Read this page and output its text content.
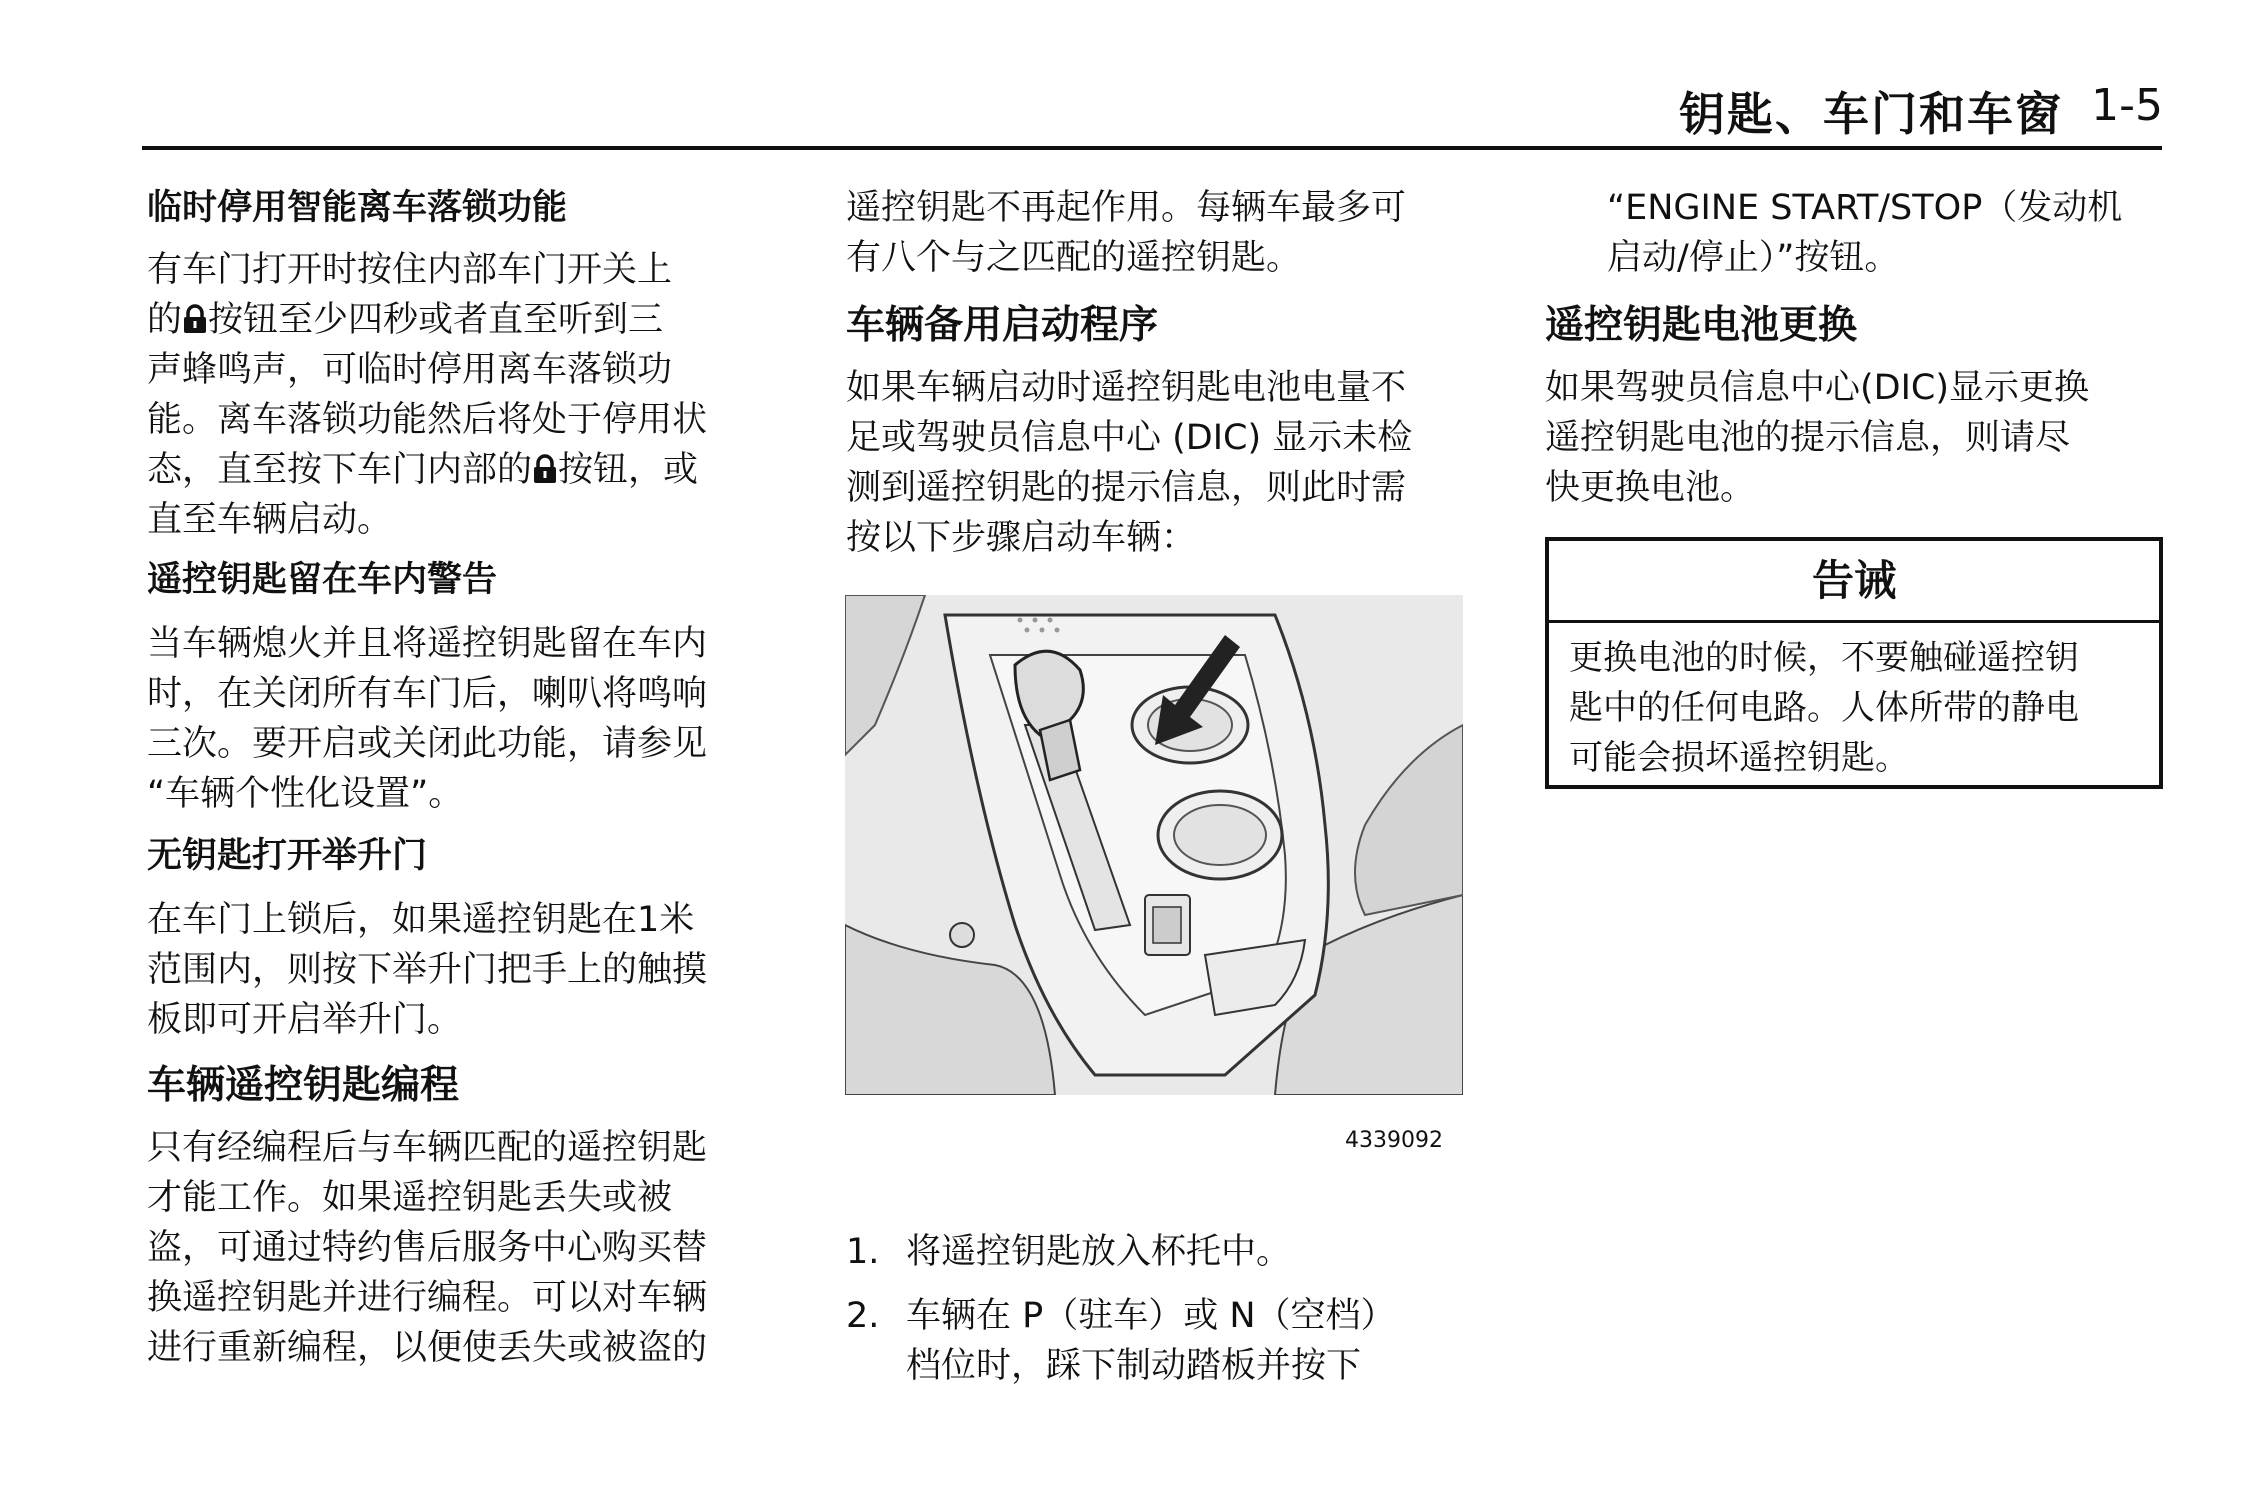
钥匙、车门和车窗 1-5

临时停用智能离车落锁功能

有车门打开时按住内部车门开关上
的 按钮至少四秒或者直至听到三
声蜂鸣声，可临时停用离车落锁功
能。离车落锁功能然后将处于停用状
态，直至按下车门内部的 按钮，或
直至车辆启动。

遥控钥匙留在车内警告

当车辆熄火并且将遥控钥匙留在车内
时，在关闭所有车门后，喇叭将鸣响
三次。要开启或关闭此功能，请参见
“车辆个性化设置”。

无钥匙打开举升门

在车门上锁后，如果遥控钥匙在1米
范围内，则按下举升门把手上的触摸
板即可开启举升门。

车辆遥控钥匙编程

只有经编程后与车辆匹配的遥控钥匙
才能工作。如果遥控钥匙丢失或被
盗，可通过特约售后服务中心购买替
换遥控钥匙并进行编程。可以对车辆
进行重新编程，以便使丢失或被盗的

遥控钥匙不再起作用。每辆车最多可
有八个与之匹配的遥控钥匙。

车辆备用启动程序

如果车辆启动时遥控钥匙电池电量不
足或驾驶员信息中心 (DIC) 显示未检
测到遥控钥匙的提示信息，则此时需
按以下步骤启动车辆：

4339092
1. 将遥控钥匙放入杯托中。
2. 车辆在 P（驻车）或 N（空档）
档位时，踩下制动踏板并按下

“ENGINE START/STOP（发动机
启动/停止）”按钮。

遥控钥匙电池更换

如果驾驶员信息中心(DIC)显示更换
遥控钥匙电池的提示信息，则请尽
快更换电池。

告诫
更换电池的时候，不要触碰遥控钥
匙中的任何电路。人体所带的静电
可能会损坏遥控钥匙。
